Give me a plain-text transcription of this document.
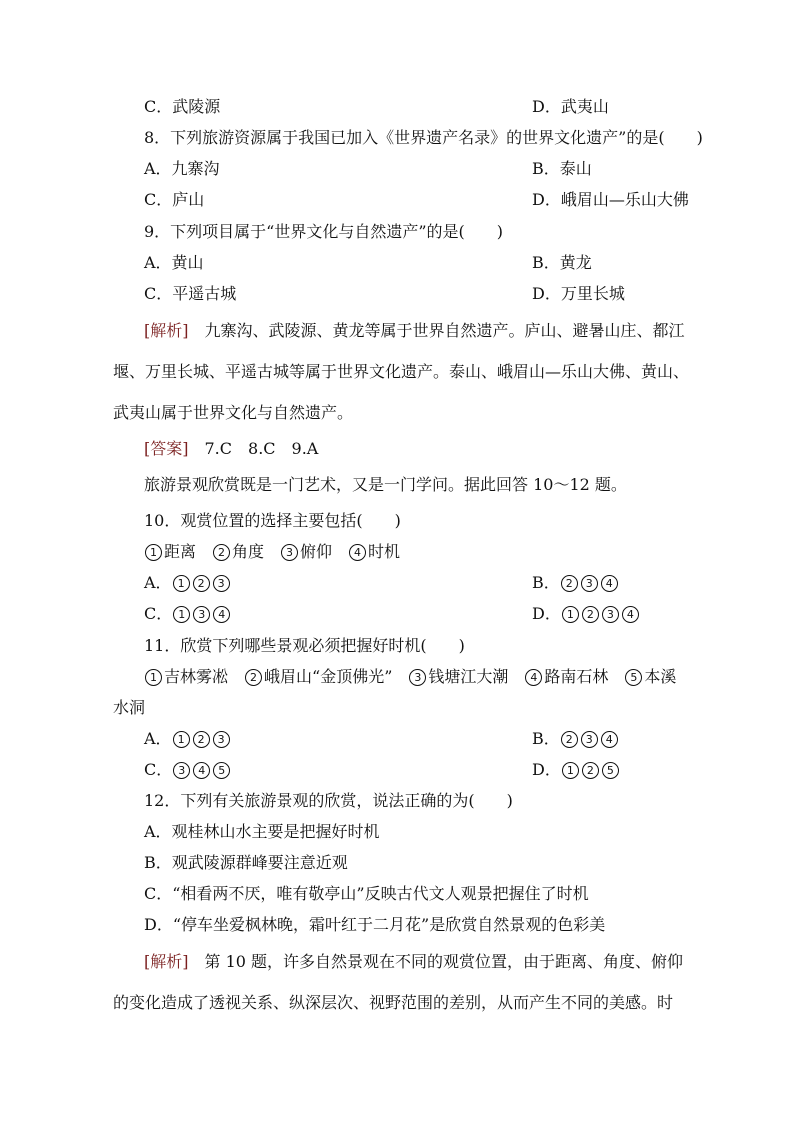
C．武陵源	D．武夷山
8．下列旅游资源属于我国已加入《世界遗产名录》的世界文化遗产”的是(　　)
A．九寨沟	B．泰山
C．庐山	D．峨眉山—乐山大佛
9．下列项目属于“世界文化与自然遗产”的是(　　)
A．黄山	B．黄龙
C．平遥古城	D．万里长城
[解析]　九寨沟、武陵源、黄龙等属于世界自然遗产。庐山、避暑山庄、都江
堰、万里长城、平遥古城等属于世界文化遗产。泰山、峨眉山—乐山大佛、黄山、
武夷山属于世界文化与自然遗产。
[答案]　7.C　8.C　9.A
旅游景观欣赏既是一门艺术，又是一门学问。据此回答 10～12 题。
10．观赏位置的选择主要包括(　　)
1 距离　2 角度　3 俯仰　4 时机
A． 1 2 3	B． 2 3 4
C． 1 3 4	D． 1 2 3 4
11．欣赏下列哪些景观必须把握好时机(　　)
1 吉林雾凇　2 峨眉山“金顶佛光”　3 钱塘江大潮　4 路南石林　5 本溪
水洞
A． 1 2 3	B． 2 3 4
C． 3 4 5	D． 1 2 5
12．下列有关旅游景观的欣赏，说法正确的为(　　)
A．观桂林山水主要是把握好时机
B．观武陵源群峰要注意近观
C．“相看两不厌，唯有敬亭山”反映古代文人观景把握住了时机
D．“停车坐爱枫林晚，霜叶红于二月花”是欣赏自然景观的色彩美
[解析]　第 10 题，许多自然景观在不同的观赏位置，由于距离、角度、俯仰
的变化造成了透视关系、纵深层次、视野范围的差别，从而产生不同的美感。时
